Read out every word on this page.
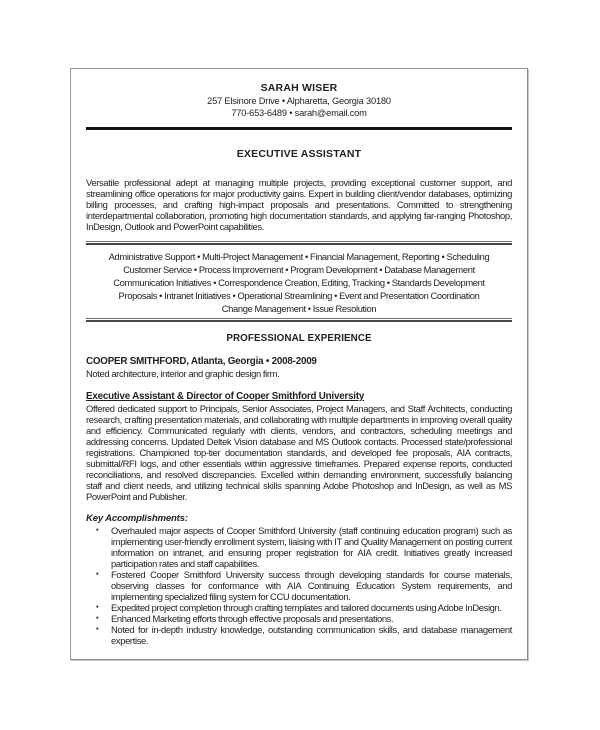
SARAH WISER
257 Elsinore Drive • Alpharetta, Georgia 30180
770-653-6489 • sarah@email.com
EXECUTIVE ASSISTANT
Versatile professional adept at managing multiple projects, providing exceptional customer support, and streamlining office operations for major productivity gains. Expert in building client/vendor databases, optimizing billing processes, and crafting high-impact proposals and presentations. Committed to strengthening interdepartmental collaboration, promoting high documentation standards, and applying far-ranging Photoshop, InDesign, Outlook and PowerPoint capabilities.
Administrative Support • Multi-Project Management • Financial Management, Reporting • Scheduling
Customer Service • Process Improvement • Program Development • Database Management
Communication Initiatives • Correspondence Creation, Editing, Tracking • Standards Development
Proposals • Intranet Initiatives • Operational Streamlining • Event and Presentation Coordination
Change Management • Issue Resolution
PROFESSIONAL EXPERIENCE
COOPER SMITHFORD, Atlanta, Georgia • 2008-2009
Noted architecture, interior and graphic design firm.
Executive Assistant & Director of Cooper Smithford University
Offered dedicated support to Principals, Senior Associates, Project Managers, and Staff Architects, conducting research, crafting presentation materials, and collaborating with multiple departments in improving overall quality and efficiency. Communicated regularly with clients, vendors, and contractors, scheduling meetings and addressing concerns. Updated Deltek Vision database and MS Outlook contacts. Processed state/professional registrations. Championed top-tier documentation standards, and developed fee proposals, AIA contracts, submittal/RFI logs, and other essentials within aggressive timeframes. Prepared expense reports, conducted reconciliations, and resolved discrepancies. Excelled within demanding environment, successfully balancing staff and client needs, and utilizing technical skills spanning Adobe Photoshop and InDesign, as well as MS PowerPoint and Publisher.
Key Accomplishments:
▪ Overhauled major aspects of Cooper Smithford University (staff continuing education program) such as implementing user-friendly enrollment system, liaising with IT and Quality Management on posting current information on intranet, and ensuring proper registration for AIA credit. Initiatives greatly increased participation rates and staff capabilities.
▪ Fostered Cooper Smithford University success through developing standards for course materials, observing classes for conformance with AIA Continuing Education System requirements, and implementing specialized filing system for CCU documentation.
▪ Expedited project completion through crafting templates and tailored documents using Adobe InDesign.
▪ Enhanced Marketing efforts through effective proposals and presentations.
▪ Noted for in-depth industry knowledge, outstanding communication skills, and database management expertise.
